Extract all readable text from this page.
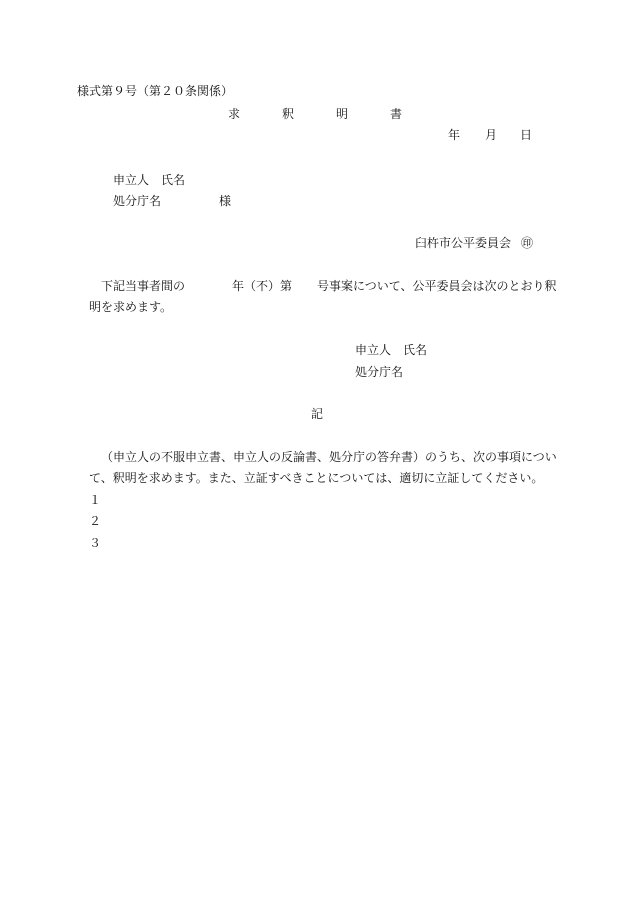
様式第９号（第２０条関係）
求	釈	明	書
年 月 日
申立人　氏名
処分庁名	様
臼杵市公平委員会 ㊞
下記当事者間の	年（不）第 号事案について、公平委員会は次のとおり釈
明を求めます。
申立人　氏名
処分庁名
記
（申立人の不服申立書、申立人の反論書、処分庁の答弁書）のうち、次の事項につい
て、釈明を求めます。また、立証すべきことについては、適切に立証してください。
１
２
３
